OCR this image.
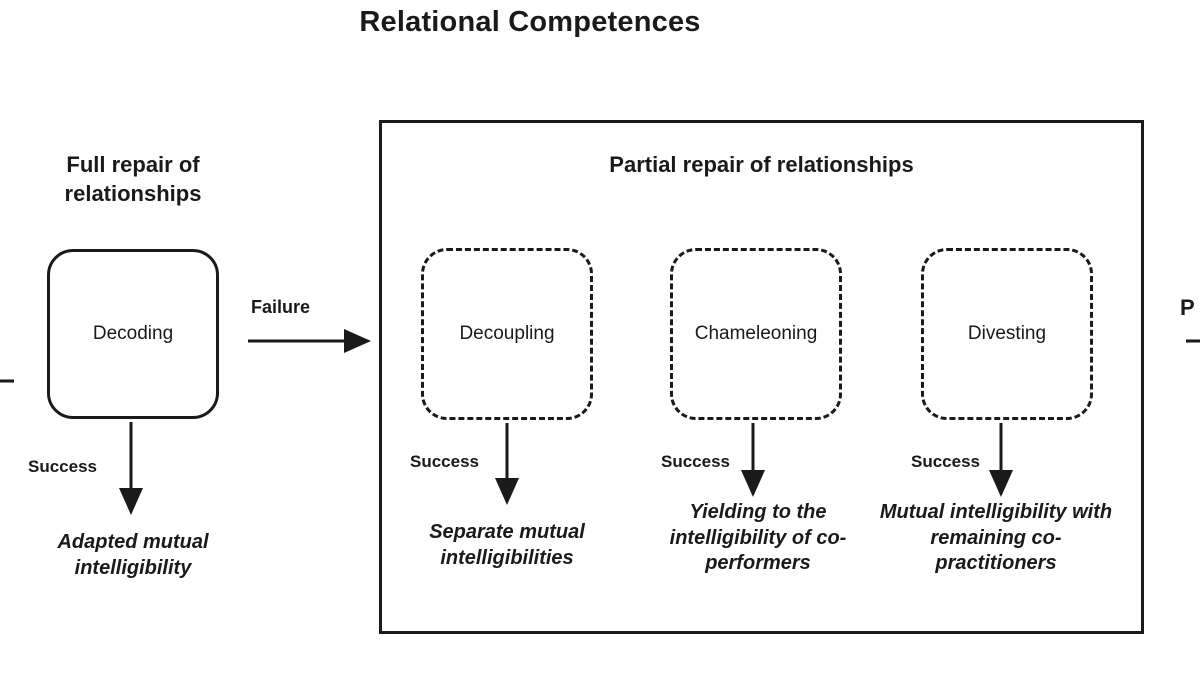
Relational Competences
Full repair of relationships
Decoding
Failure
Success
Adapted mutual intelligibility
Partial repair of relationships
Decoupling	Chameleoning	Divesting
Success	Success	Success
Separate mutual intelligibilities
Yielding to the intelligibility of co-performers
Mutual intelligibility with remaining co-practitioners
P
